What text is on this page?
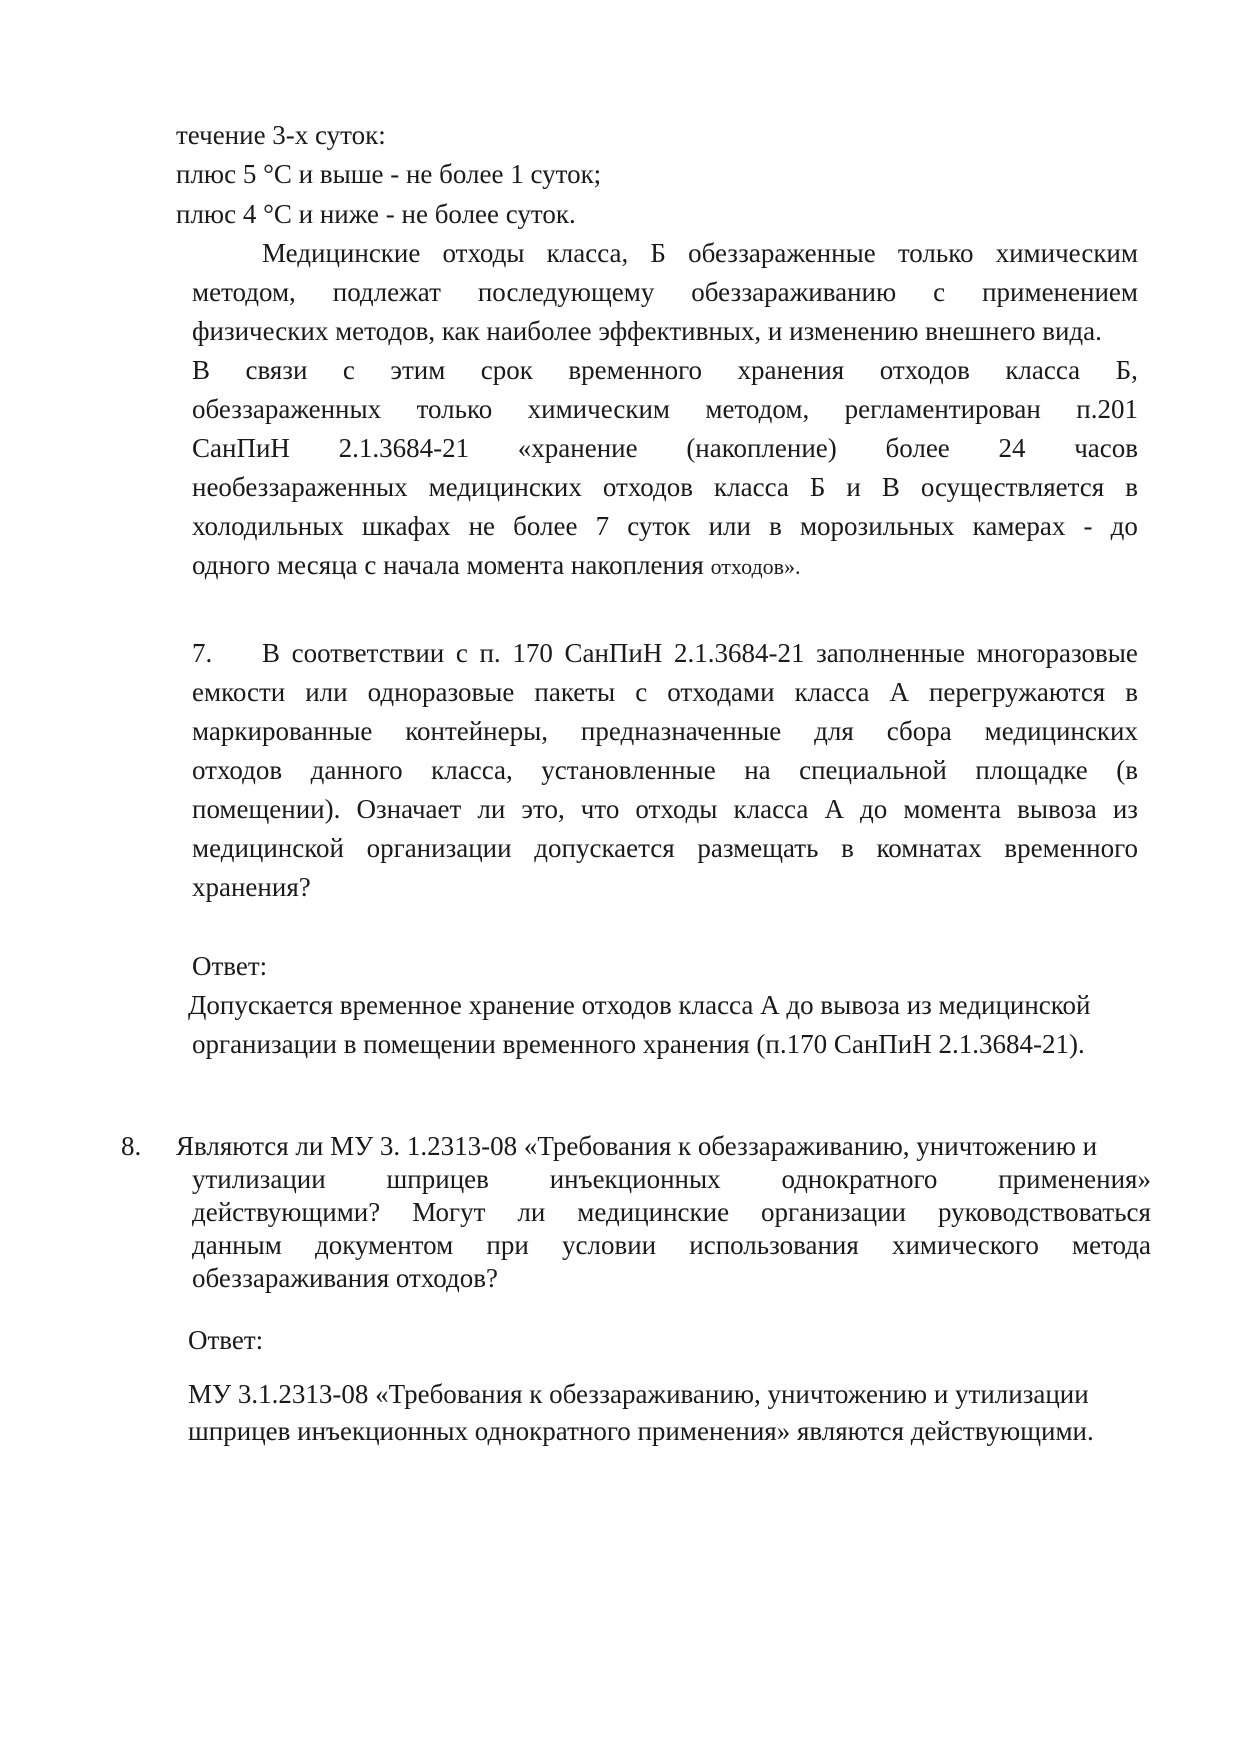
течение 3-х суток:
плюс 5 °С и выше - не более 1 суток;
плюс 4 °С и ниже - не более суток.
Медицинские отходы класса, Б обеззараженные только химическим
методом, подлежат последующему обеззараживанию с применением
физических методов, как наиболее эффективных, и изменению внешнего вида.
В связи с этим срок временного хранения отходов класса Б,
обеззараженных только химическим методом, регламентирован п.201
СанПиН 2.1.3684-21 «хранение (накопление) более 24 часов
необеззараженных медицинских отходов класса Б и В осуществляется в
холодильных шкафах не более 7 суток или в морозильных камерах - до
одного месяца с начала момента накопления отходов».
7. В соответствии с п. 170 СанПиН 2.1.3684-21 заполненные многоразовые
емкости или одноразовые пакеты с отходами класса А перегружаются в
маркированные контейнеры, предназначенные для сбора медицинских
отходов данного класса, установленные на специальной площадке (в
помещении). Означает ли это, что отходы класса А до момента вывоза из
медицинской организации допускается размещать в комнатах временного
хранения?
Ответ:
Допускается временное хранение отходов класса А до вывоза из медицинской
организации в помещении временного хранения (п.170 СанПиН 2.1.3684-21).
8. Являются ли МУ 3. 1.2313-08 «Требования к обеззараживанию, уничтожению и
утилизации шприцев инъекционных однократного применения»
действующими? Могут ли медицинские организации руководствоваться
данным документом при условии использования химического метода
обеззараживания отходов?
Ответ:
МУ 3.1.2313-08 «Требования к обеззараживанию, уничтожению и утилизации
шприцев инъекционных однократного применения» являются действующими.
